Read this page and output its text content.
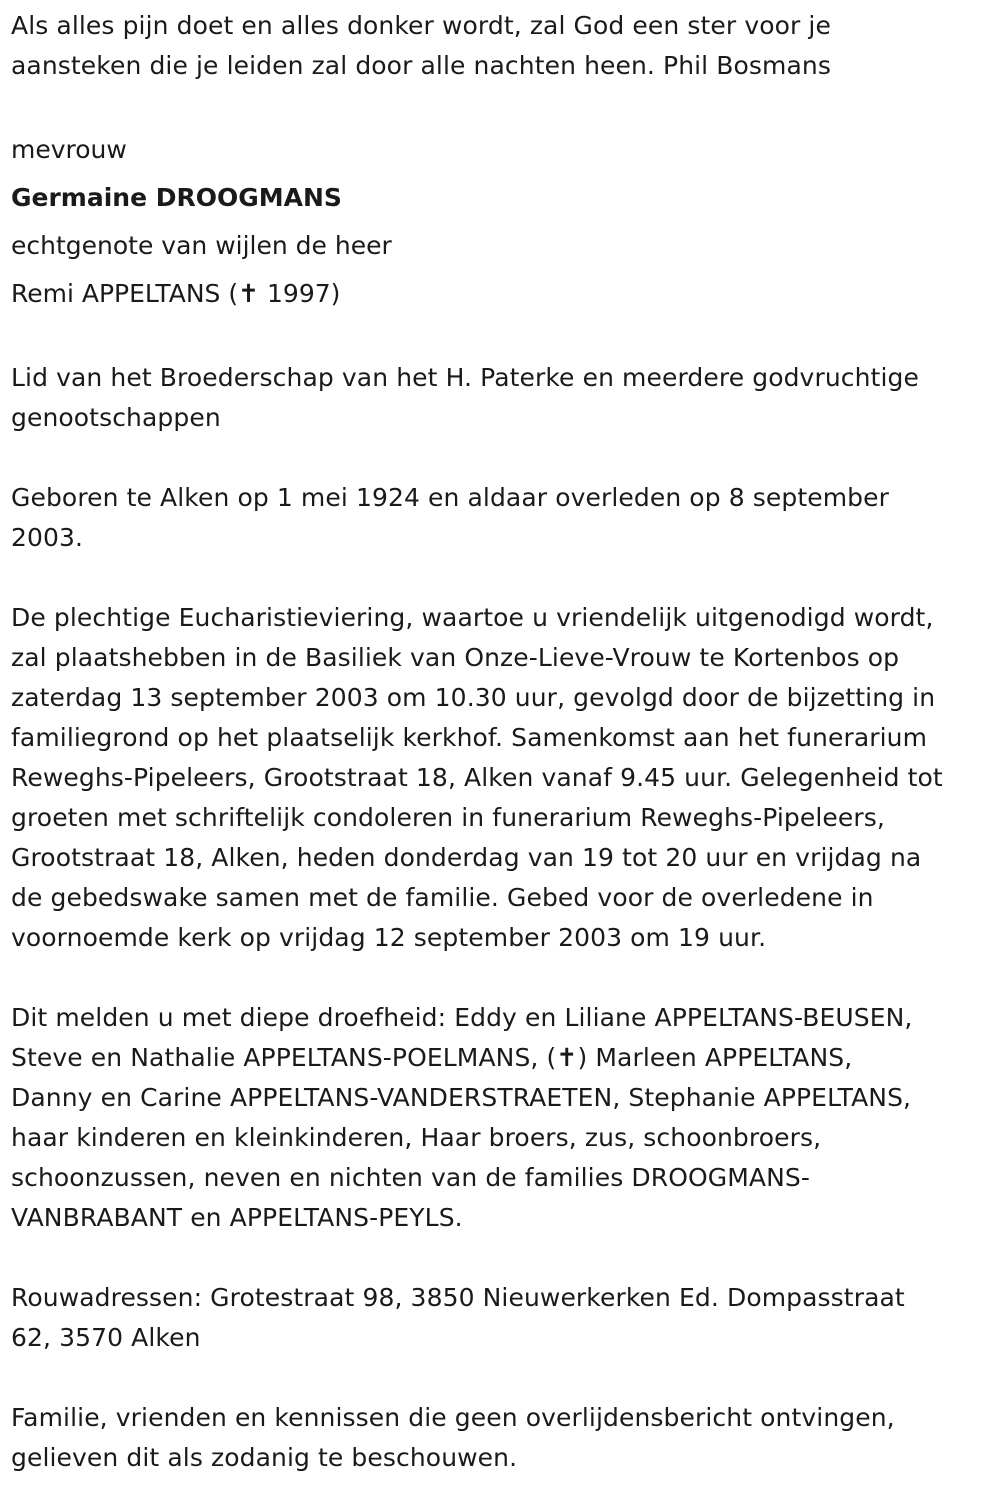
Als alles pijn doet en alles donker wordt, zal God een ster voor je
aansteken die je leiden zal door alle nachten heen. Phil Bosmans
mevrouw
Germaine DROOGMANS
echtgenote van wijlen de heer
Remi APPELTANS (✝ 1997)
Lid van het Broederschap van het H. Paterke en meerdere godvruchtige
genootschappen
Geboren te Alken op 1 mei 1924 en aldaar overleden op 8 september
2003.
De plechtige Eucharistieviering, waartoe u vriendelijk uitgenodigd wordt,
zal plaatshebben in de Basiliek van Onze-Lieve-Vrouw te Kortenbos op
zaterdag 13 september 2003 om 10.30 uur, gevolgd door de bijzetting in
familiegrond op het plaatselijk kerkhof. Samenkomst aan het funerarium
Reweghs-Pipeleers, Grootstraat 18, Alken vanaf 9.45 uur. Gelegenheid tot
groeten met schriftelijk condoleren in funerarium Reweghs-Pipeleers,
Grootstraat 18, Alken, heden donderdag van 19 tot 20 uur en vrijdag na
de gebedswake samen met de familie. Gebed voor de overledene in
voornoemde kerk op vrijdag 12 september 2003 om 19 uur.
Dit melden u met diepe droefheid: Eddy en Liliane APPELTANS-BEUSEN,
Steve en Nathalie APPELTANS-POELMANS, (✝) Marleen APPELTANS,
Danny en Carine APPELTANS-VANDERSTRAETEN, Stephanie APPELTANS,
haar kinderen en kleinkinderen, Haar broers, zus, schoonbroers,
schoonzussen, neven en nichten van de families DROOGMANS-
VANBRABANT en APPELTANS-PEYLS.
Rouwadressen: Grotestraat 98, 3850 Nieuwerkerken Ed. Dompasstraat
62, 3570 Alken
Familie, vrienden en kennissen die geen overlijdensbericht ontvingen,
gelieven dit als zodanig te beschouwen.
